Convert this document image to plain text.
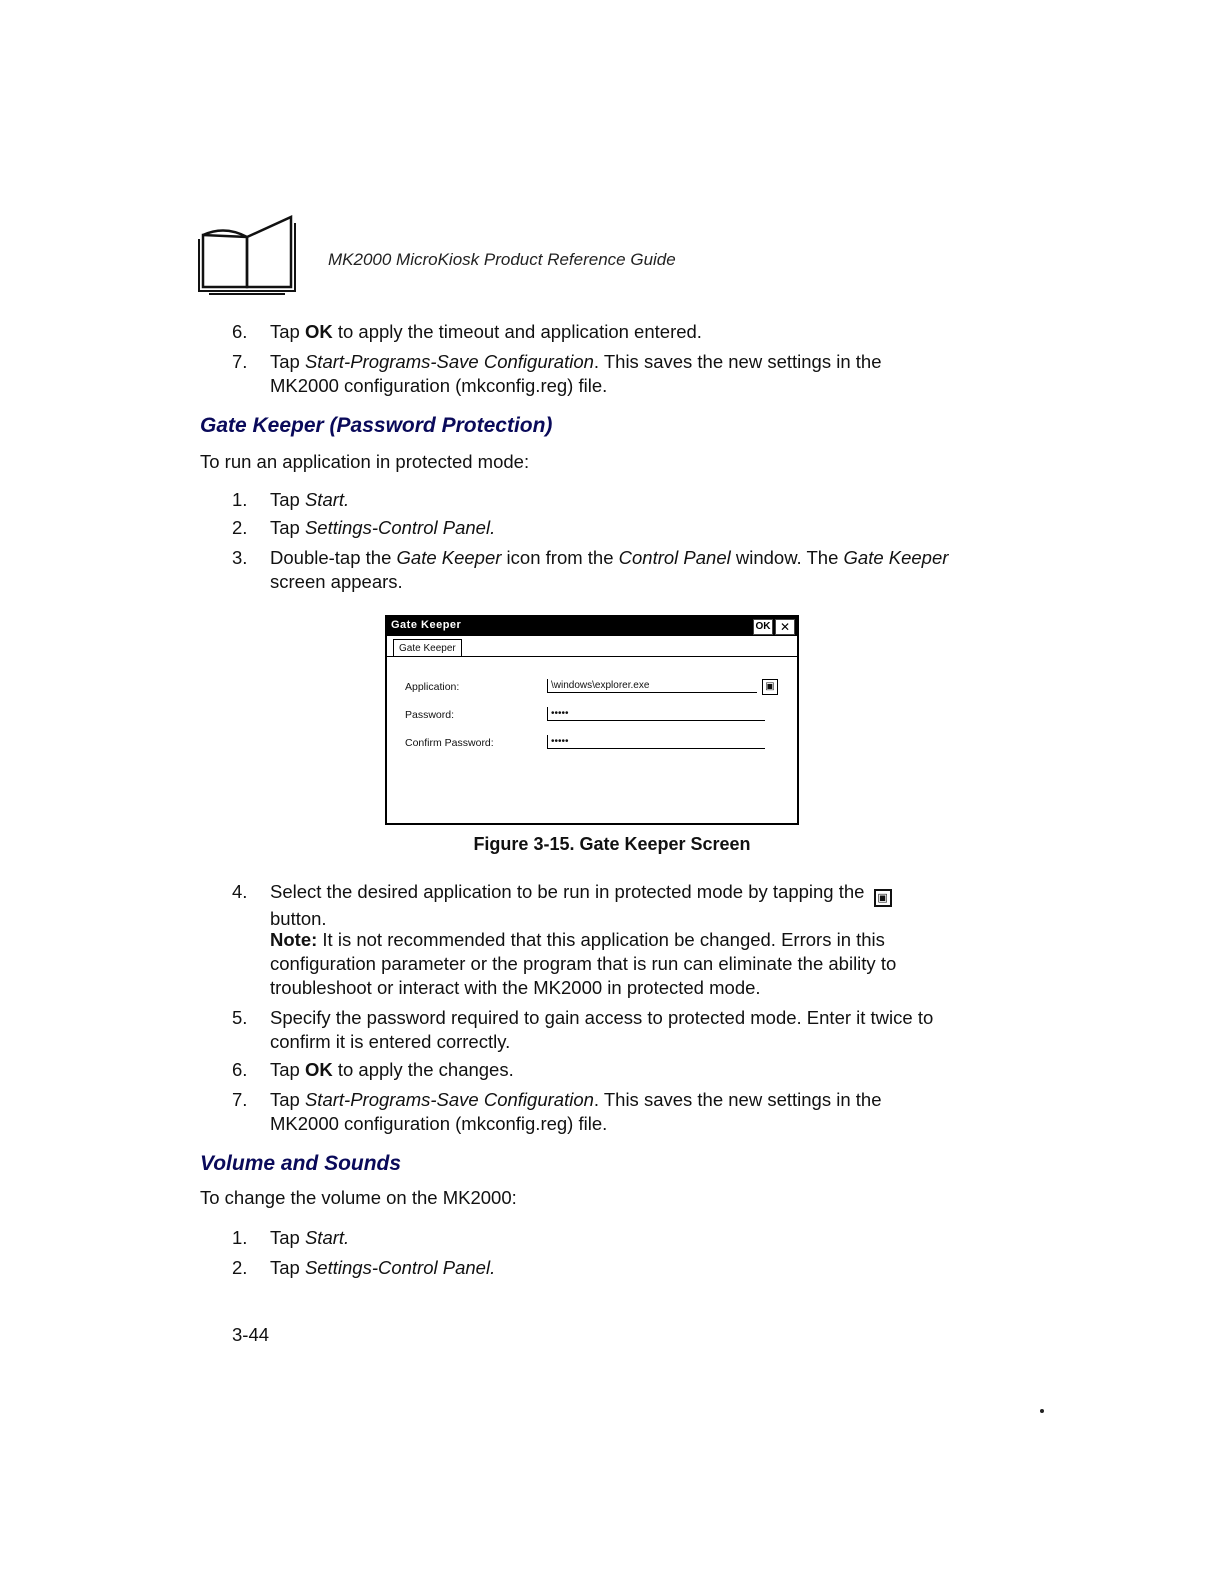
MK2000 MicroKiosk Product Reference Guide
6.	Tap OK to apply the timeout and application entered.
7.	Tap Start-Programs-Save Configuration. This saves the new settings in the MK2000 configuration (mkconfig.reg) file.
Gate Keeper (Password Protection)
To run an application in protected mode:
1.	Tap Start.
2.	Tap Settings-Control Panel.
3.	Double-tap the Gate Keeper icon from the Control Panel window. The Gate Keeper screen appears.
Gate Keeper	OK ✕
Gate Keeper
Application:	\windows\explorer.exe	▣
Password:	•••••
Confirm Password:	•••••
Figure 3-15. Gate Keeper Screen
4.	Select the desired application to be run in protected mode by tapping the ▣ button.
Note: It is not recommended that this application be changed. Errors in this configuration parameter or the program that is run can eliminate the ability to troubleshoot or interact with the MK2000 in protected mode.
5.	Specify the password required to gain access to protected mode. Enter it twice to confirm it is entered correctly.
6.	Tap OK to apply the changes.
7.	Tap Start-Programs-Save Configuration. This saves the new settings in the MK2000 configuration (mkconfig.reg) file.
Volume and Sounds
To change the volume on the MK2000:
1.	Tap Start.
2.	Tap Settings-Control Panel.
3-44
